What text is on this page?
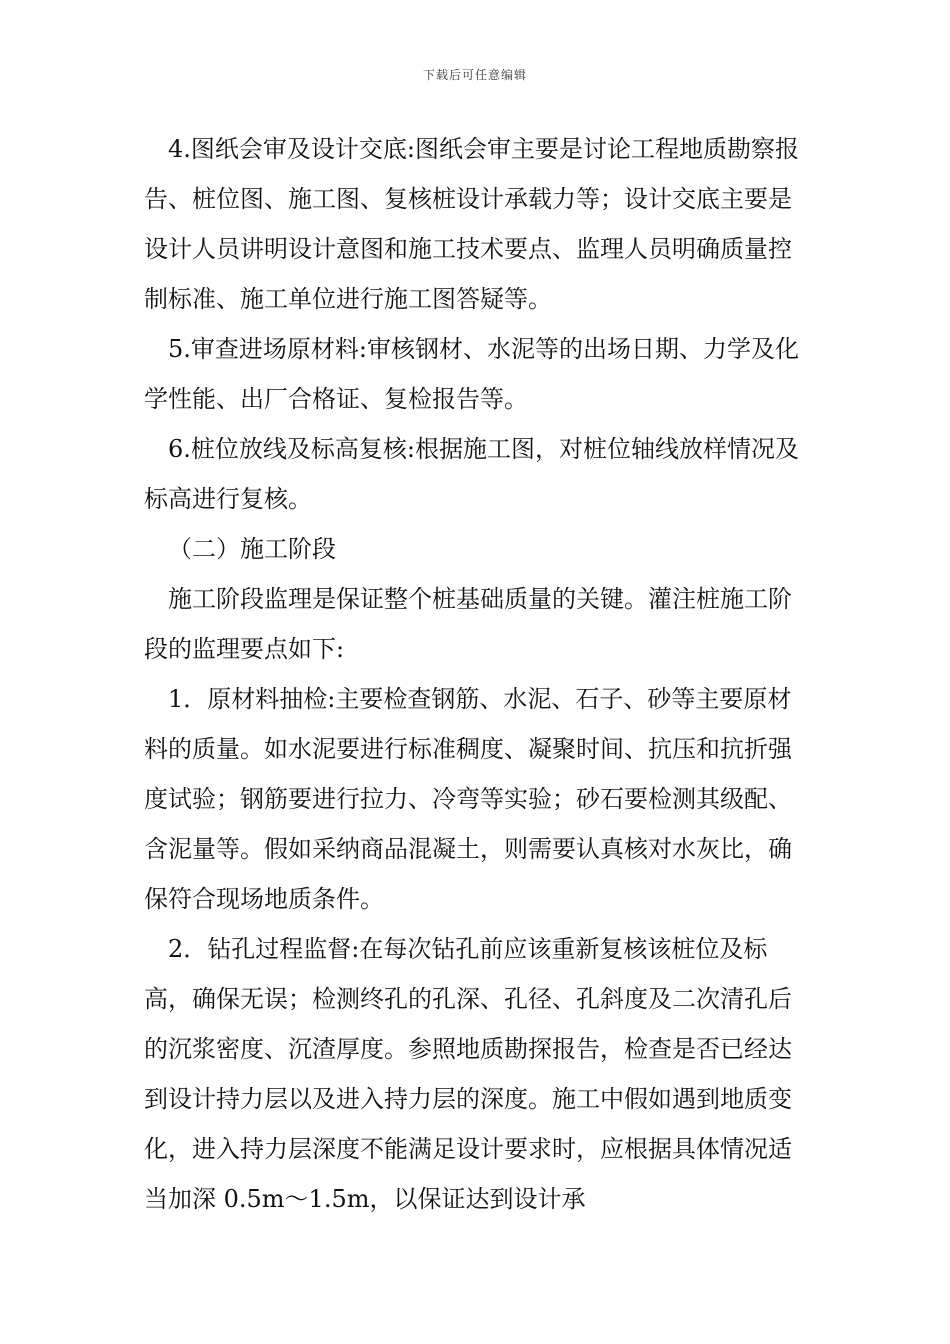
下载后可任意编辑

4.图纸会审及设计交底:图纸会审主要是讨论工程地质勘察报告、桩位图、施工图、复核桩设计承载力等；设计交底主要是设计人员讲明设计意图和施工技术要点、监理人员明确质量控制标准、施工单位进行施工图答疑等。

5.审查进场原材料:审核钢材、水泥等的出场日期、力学及化学性能、出厂合格证、复检报告等。

6.桩位放线及标高复核:根据施工图，对桩位轴线放样情况及标高进行复核。

（二）施工阶段

施工阶段监理是保证整个桩基础质量的关键。灌注桩施工阶段的监理要点如下:

1．原材料抽检:主要检查钢筋、水泥、石子、砂等主要原材料的质量。如水泥要进行标准稠度、凝聚时间、抗压和抗折强度试验；钢筋要进行拉力、冷弯等实验；砂石要检测其级配、含泥量等。假如采纳商品混凝土，则需要认真核对水灰比，确保符合现场地质条件。

2．钻孔过程监督:在每次钻孔前应该重新复核该桩位及标高，确保无误；检测终孔的孔深、孔径、孔斜度及二次清孔后的沉浆密度、沉渣厚度。参照地质勘探报告，检查是否已经达到设计持力层以及进入持力层的深度。施工中假如遇到地质变化，进入持力层深度不能满足设计要求时，应根据具体情况适当加深 0.5m～1.5m，以保证达到设计承
